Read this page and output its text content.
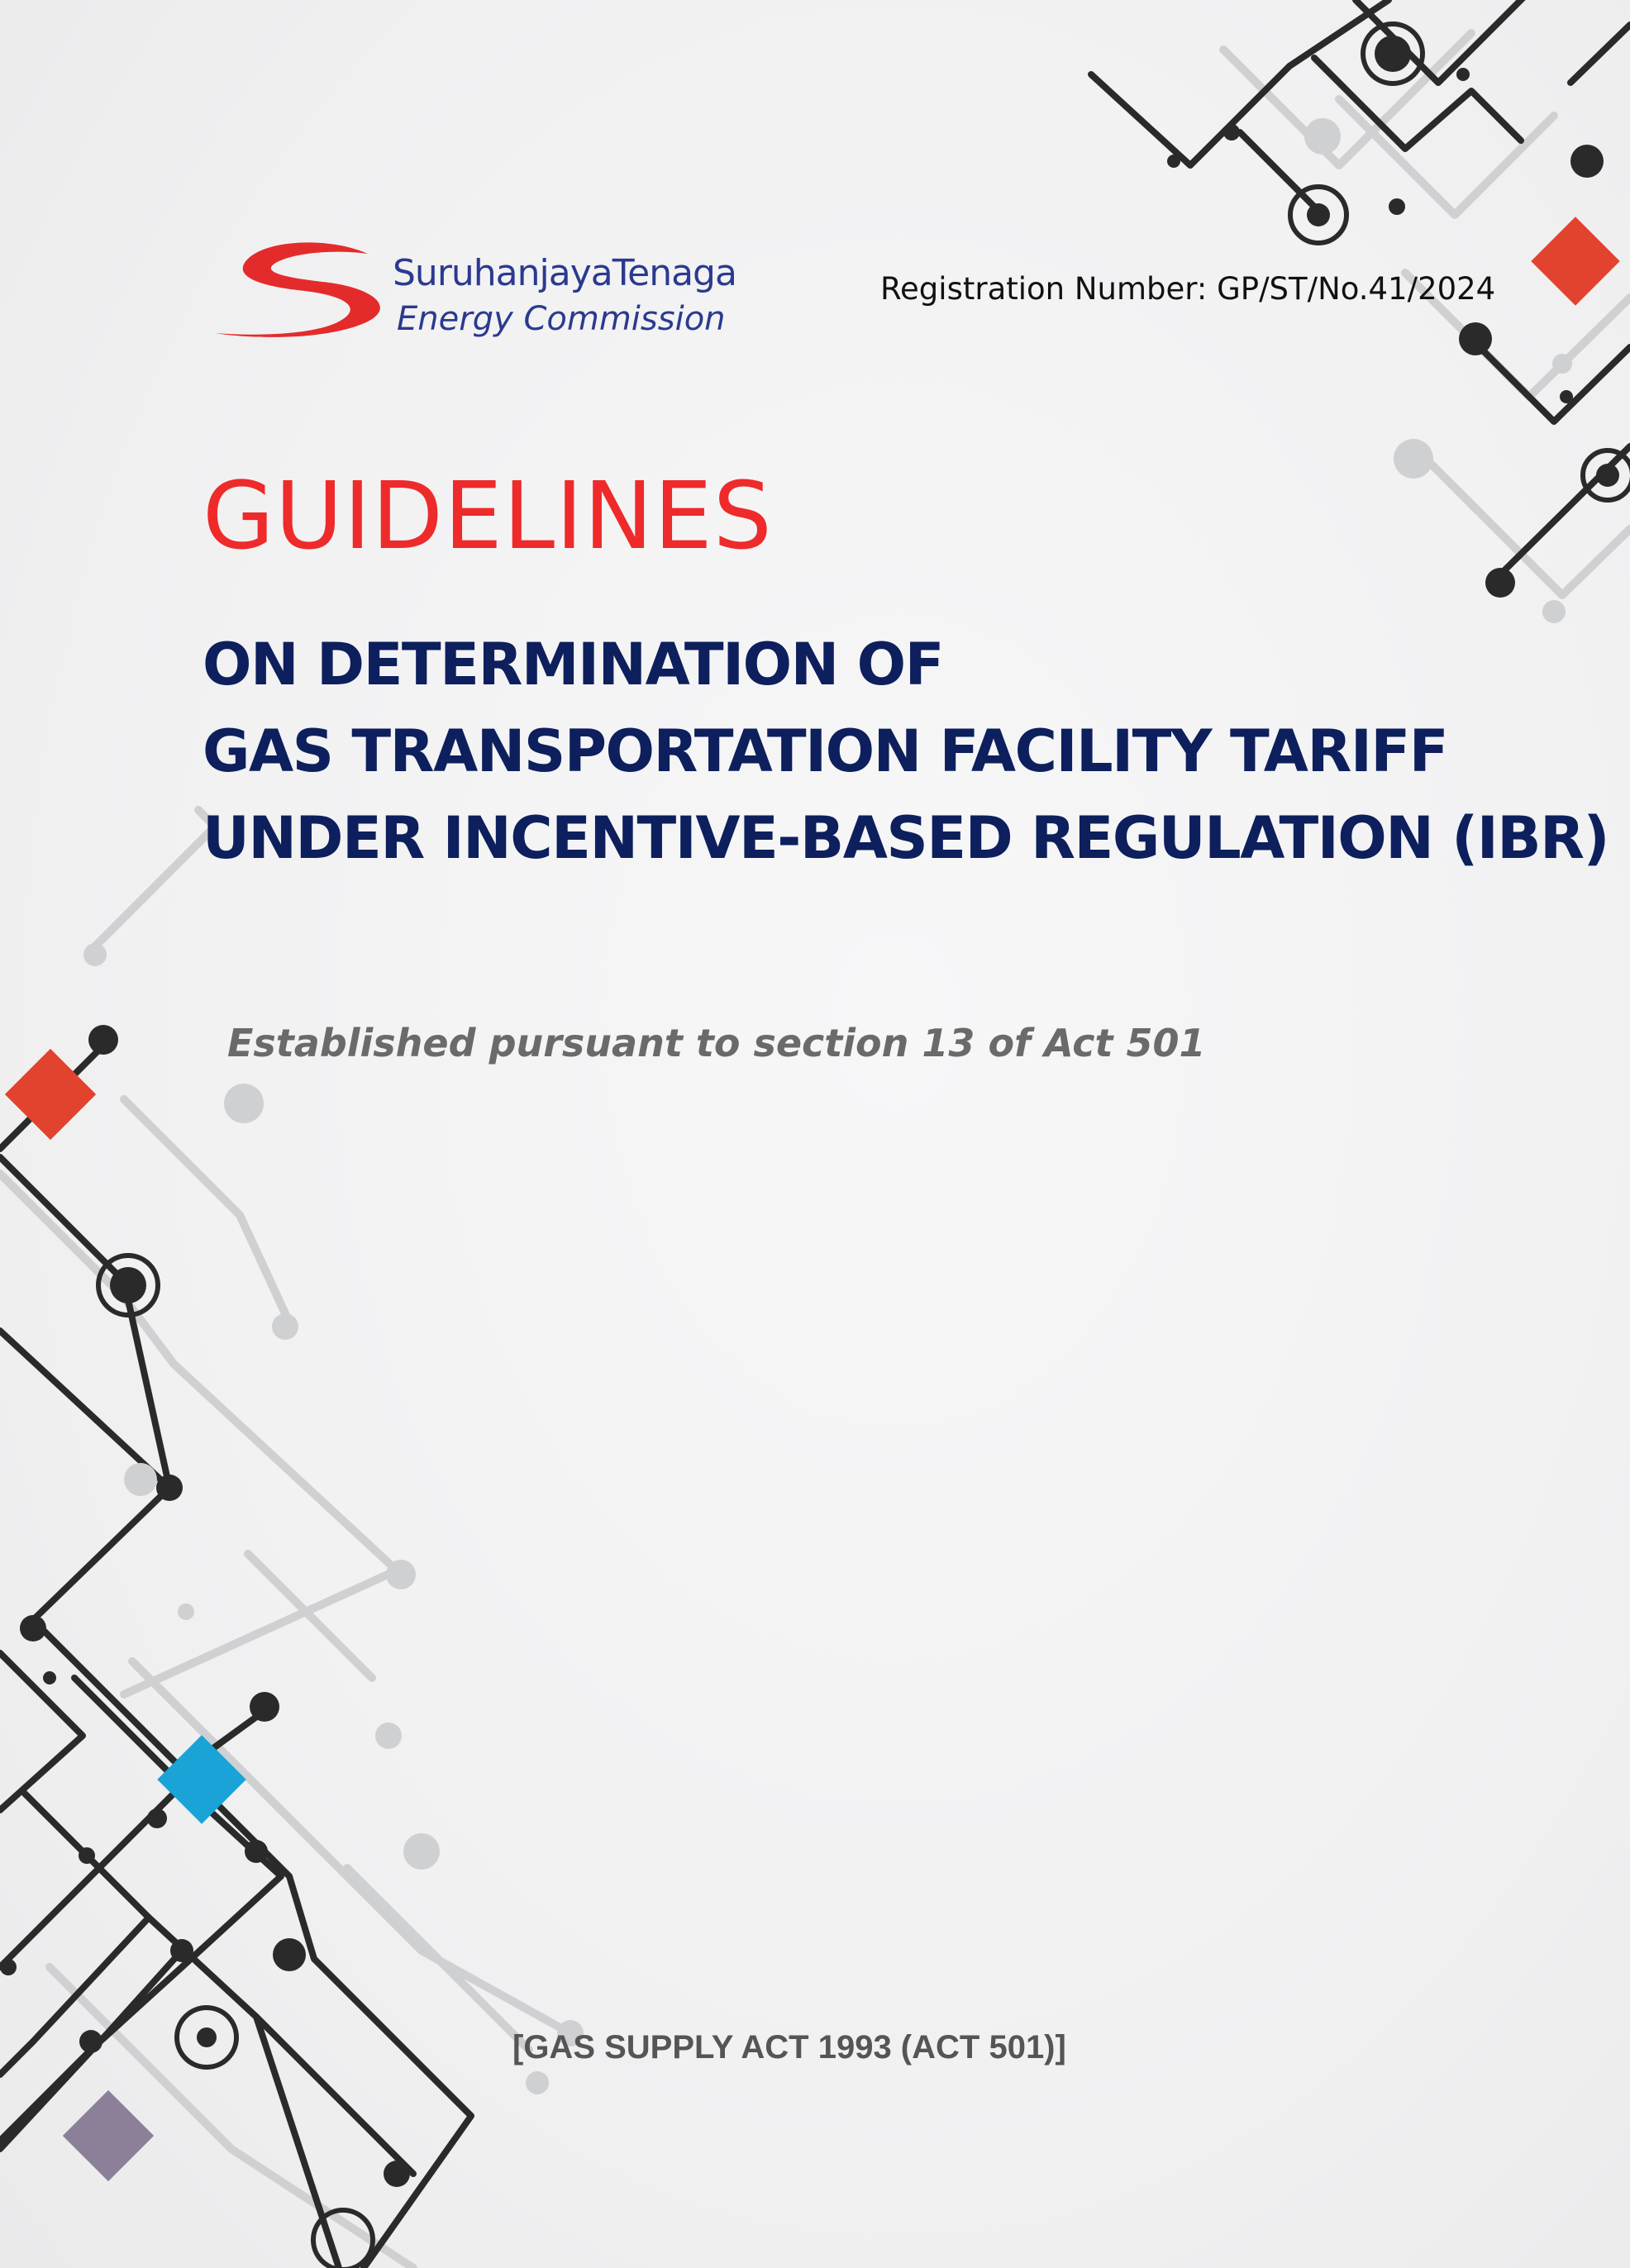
SuruhanjayaTenaga
Energy Commission
Registration Number: GP/ST/No.41/2024
GUIDELINES
ON DETERMINATION OF
GAS TRANSPORTATION FACILITY TARIFF
UNDER INCENTIVE-BASED REGULATION (IBR)
Established pursuant to section 13 of Act 501
[GAS SUPPLY ACT 1993 (ACT 501)]
